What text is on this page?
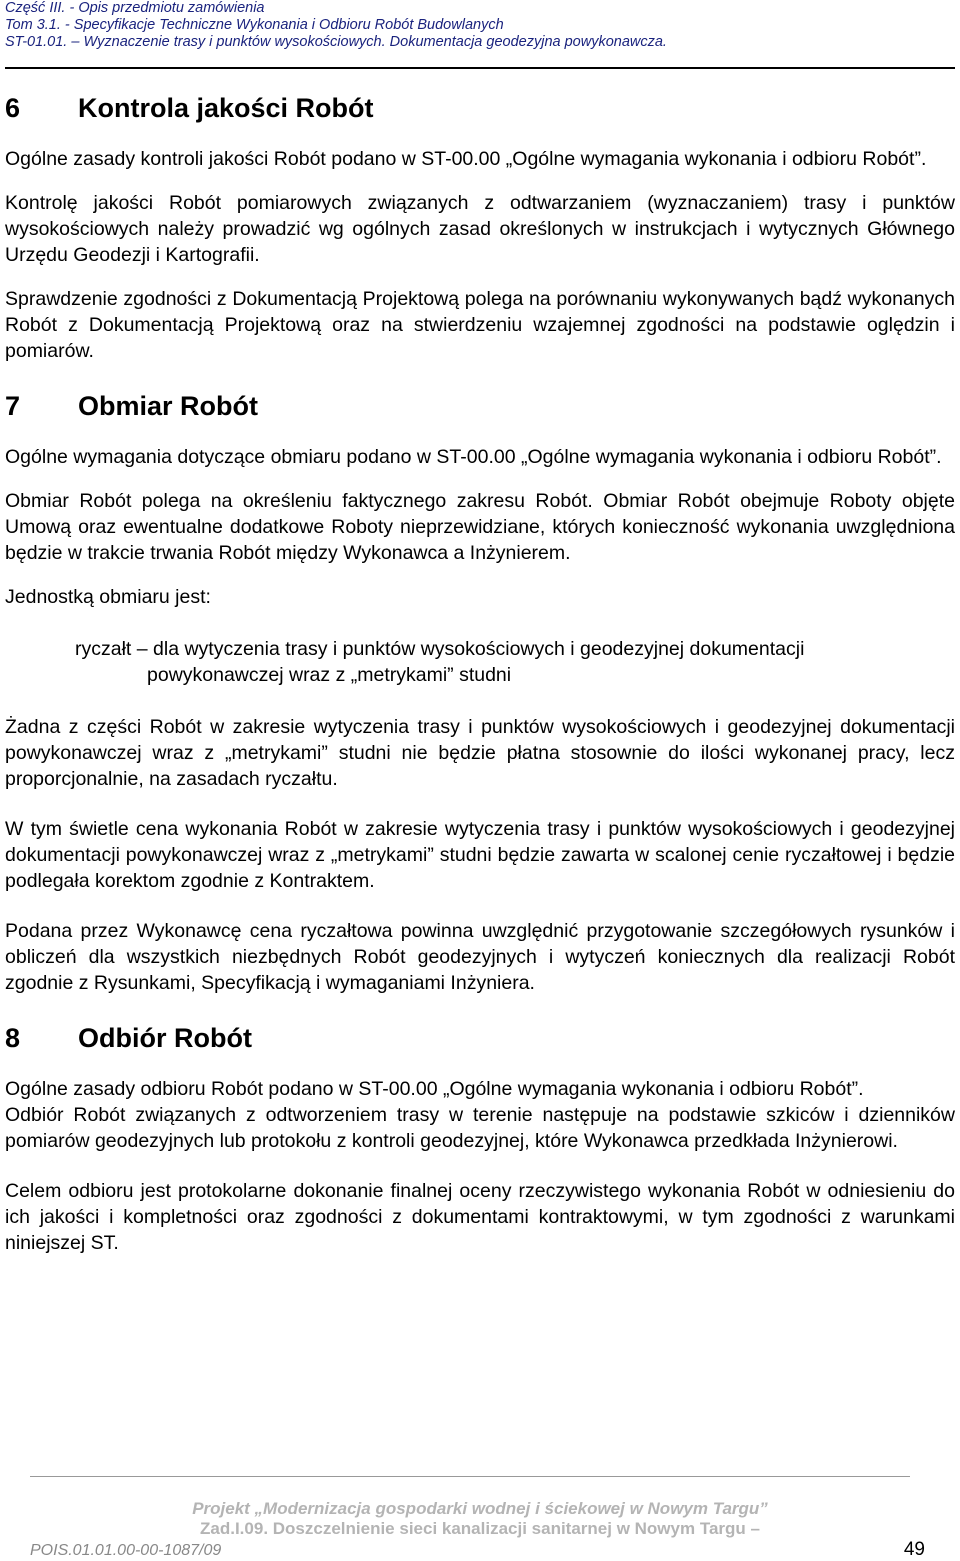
Część III. - Opis przedmiotu zamówienia
Tom 3.1. - Specyfikacje Techniczne Wykonania i Odbioru Robót Budowlanych
ST-01.01. – Wyznaczenie trasy i punktów wysokościowych. Dokumentacja geodezyjna powykonawcza.
6	Kontrola jakości Robót

Ogólne zasady kontroli jakości Robót podano w ST-00.00 „Ogólne wymagania wykonania i odbioru Robót”.

Kontrolę jakości Robót pomiarowych związanych z odtwarzaniem (wyznaczaniem) trasy i punktów wysokościowych należy prowadzić wg ogólnych zasad określonych w instrukcjach i wytycznych Głównego Urzędu Geodezji i Kartografii.

Sprawdzenie zgodności z Dokumentacją Projektową polega na porównaniu wykonywanych bądź wykonanych Robót z Dokumentacją Projektową oraz na stwierdzeniu wzajemnej zgodności na podstawie oględzin i pomiarów.

7	Obmiar Robót

Ogólne wymagania dotyczące obmiaru podano w ST-00.00 „Ogólne wymagania wykonania i odbioru Robót”.

Obmiar Robót polega na określeniu faktycznego zakresu Robót. Obmiar Robót obejmuje Roboty objęte Umową oraz ewentualne dodatkowe Roboty nieprzewidziane, których konieczność wykonania uwzględniona będzie w trakcie trwania Robót między Wykonawca a Inżynierem.

Jednostką obmiaru jest:

ryczałt – dla wytyczenia trasy i punktów wysokościowych i geodezyjnej dokumentacji
powykonawczej wraz z „metrykami” studni

Żadna z części Robót w zakresie wytyczenia trasy i punktów wysokościowych i geodezyjnej dokumentacji powykonawczej wraz z „metrykami” studni nie będzie płatna stosownie do ilości wykonanej pracy, lecz proporcjonalnie, na zasadach ryczałtu.

W tym świetle cena wykonania Robót w zakresie wytyczenia trasy i punktów wysokościowych i geodezyjnej dokumentacji powykonawczej wraz z „metrykami” studni będzie zawarta w scalonej cenie ryczałtowej i będzie podlegała korektom zgodnie z Kontraktem.

Podana przez Wykonawcę cena ryczałtowa powinna uwzględnić przygotowanie szczegółowych rysunków i obliczeń dla wszystkich niezbędnych Robót geodezyjnych i wytyczeń koniecznych dla realizacji Robót zgodnie z Rysunkami, Specyfikacją i wymaganiami Inżyniera.

8	Odbiór Robót

Ogólne zasady odbioru Robót podano w ST-00.00 „Ogólne wymagania wykonania i odbioru Robót”.

Odbiór Robót związanych z odtworzeniem trasy w terenie następuje na podstawie szkiców i dzienników pomiarów geodezyjnych lub protokołu z kontroli geodezyjnej, które Wykonawca przedkłada Inżynierowi.

Celem odbioru jest protokolarne dokonanie finalnej oceny rzeczywistego wykonania Robót w odniesieniu do ich jakości i kompletności oraz zgodności z dokumentami kontraktowymi, w tym zgodności z warunkami niniejszej ST.

Projekt „Modernizacja gospodarki wodnej i ściekowej w Nowym Targu”
Zad.I.09. Doszczelnienie sieci kanalizacji sanitarnej w Nowym Targu –
POIS.01.01.00-00-1087/09	49
